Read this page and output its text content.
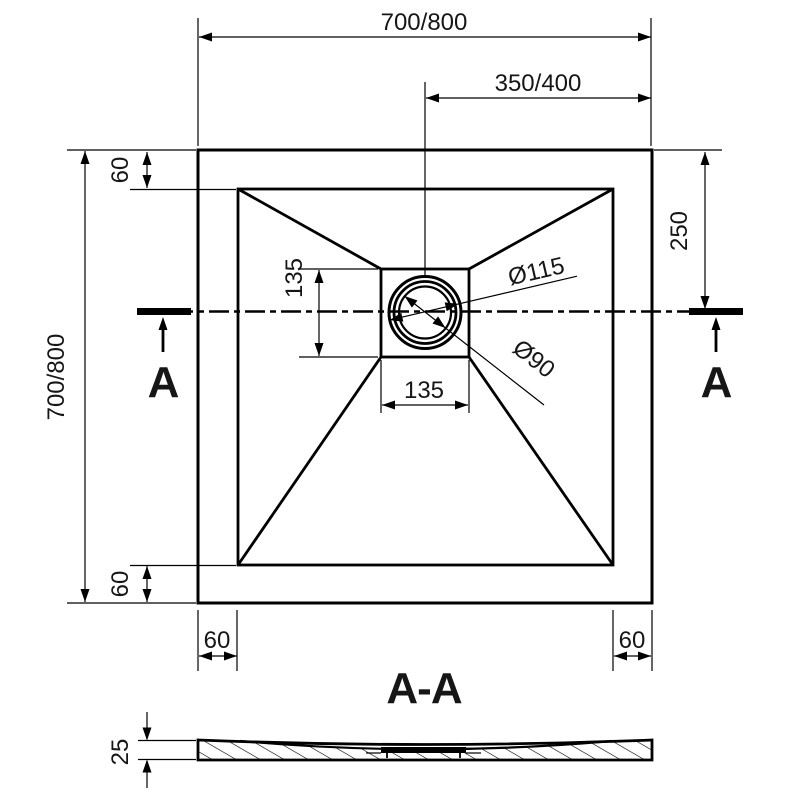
A	A
700/800
350/400
700/800
60
60
250
135
135
Ø115
Ø90
60	60
A-A
25
